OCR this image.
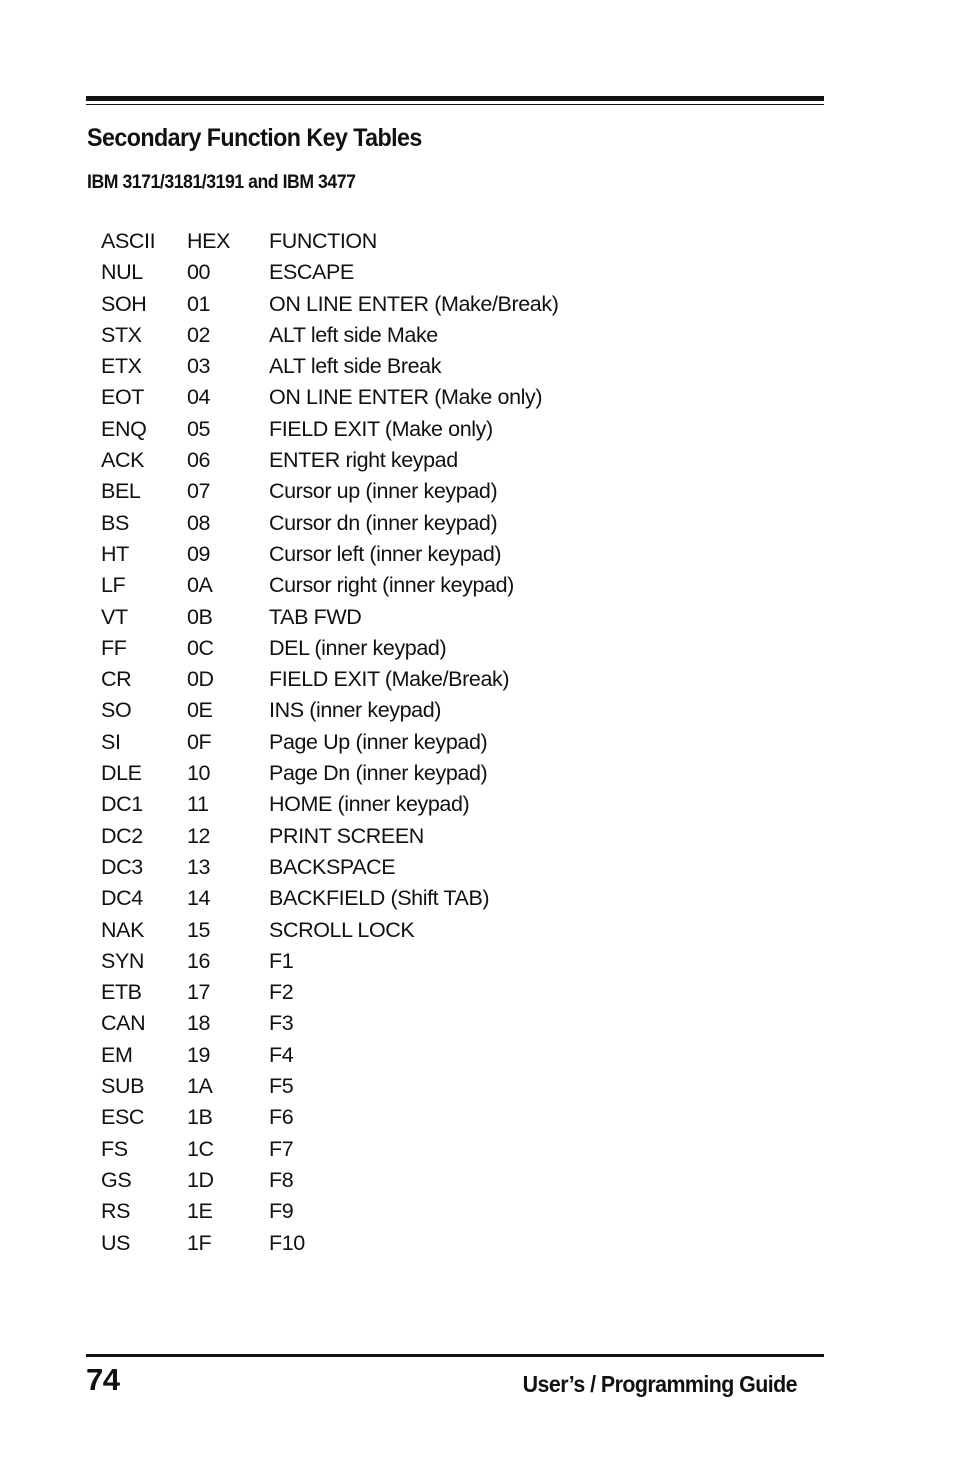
Secondary Function Key Tables
IBM 3171/3181/3191 and IBM 3477
ASCII	HEX	FUNCTION
NUL	00	ESCAPE
SOH	01	ON LINE ENTER (Make/Break)
STX	02	ALT left side Make
ETX	03	ALT left side Break
EOT	04	ON LINE ENTER (Make only)
ENQ	05	FIELD EXIT (Make only)
ACK	06	ENTER right keypad
BEL	07	Cursor up (inner keypad)
BS	08	Cursor dn (inner keypad)
HT	09	Cursor left (inner keypad)
LF	0A	Cursor right (inner keypad)
VT	0B	TAB FWD
FF	0C	DEL (inner keypad)
CR	0D	FIELD EXIT (Make/Break)
SO	0E	INS (inner keypad)
SI	0F	Page Up (inner keypad)
DLE	10	Page Dn (inner keypad)
DC1	11	HOME (inner keypad)
DC2	12	PRINT SCREEN
DC3	13	BACKSPACE
DC4	14	BACKFIELD (Shift TAB)
NAK	15	SCROLL LOCK
SYN	16	F1
ETB	17	F2
CAN	18	F3
EM	19	F4
SUB	1A	F5
ESC	1B	F6
FS	1C	F7
GS	1D	F8
RS	1E	F9
US	1F	F10
74	User’s / Programming Guide
